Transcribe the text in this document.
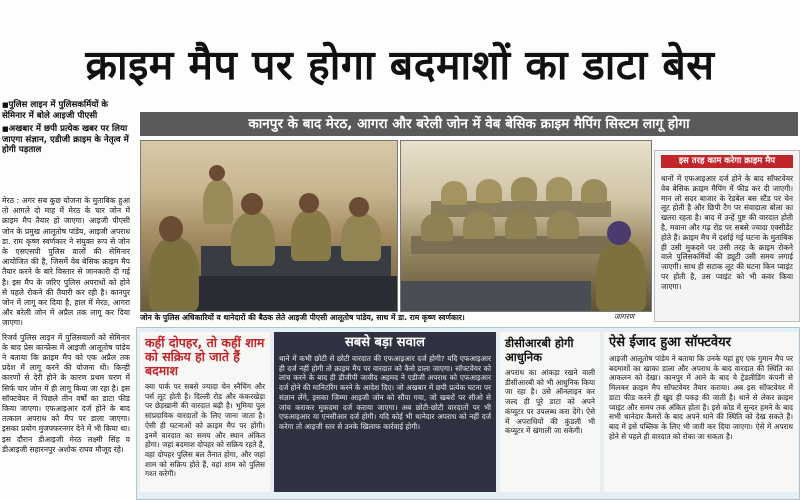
क्राइम मैप पर होगा बदमाशों का डाटा बेस
■ पुलिस लाइन में पुलिसकर्मियों के सेमिनार में बोले आइजी पीएसी
■ अखबार में छपी प्रत्येक खबर पर लिया जाएगा संज्ञान, एडीजी क्राइम के नेतृत्व में होगी पड़ताल

मेरठ : अगर सब कुछ योजना के मुताबिक हुआ तो आगले दो माह में मेरठ के चार जोन में क्राइम मैप तैयार हो जाएगा। आइजी पीएसी जोन के प्रमुख आलूतोष पांडेय, आइजी अपराध डा. राम कृष्ण स्वर्णकार ने संयुक्त रूप से जोन के एसएसपी पुलिस वालों की सेमिनार आयोजित की है, जिसमें वेब बेसिक क्राइम मैप तैयार करने के बारे विस्तार से जानकारी दी गई है। इस मैप के जरिए पुलिस अपराधों को होने से पहले रोकने की तैयारी कर रही है। कानपुर जोन में लागू कर दिया है, हाल में मेरठ, आगरा और बरेली जोन में अप्रैल तक लागू कर दिया जाएगा।

रिजर्व पुलिस लाइन में पुलिसवालों को सेमिनार के बाद प्रेस कान्फ्रेंस में आइजी आलूतोष पांडेय ने बताया कि क्राइम मैप को एक अप्रैल तक प्रदेश में लागू करने की योजना थी। किन्ही कारणों से देरी होने के कारण प्रथम चरण में सिर्फ चार जोन में ही लागू किया जा रहा है। इस सॉफ्टवेयर में पिछले तीन वर्षों का डाटा फीड किया जाएगा। एफआइआर दर्ज होने के बाद तत्काल अपराध को मैप पर डाला जाएगा। इसका प्रयोग मुजफ्फरनगर देने में भी किया था। इस दौरान डीआइजी मेरठ लक्ष्मी सिंह व डीआइजी सहारनपुर अशोक राघव मौजूद रहे।

कानपुर के बाद मेरठ, आगरा और बरेली जोन में वेब बेसिक क्राइम मैपिंग सिस्टम लागू होगा
जोन के पुलिस अधिकारियों व थानेदारों की बैठक लेते आइजी पीएसी आलूतोष पांडेय, साथ में डा. राम कृष्ण स्वर्णकार।	जागरण
इस तरह काम करेगा क्राइम मैप
थानों में एफआइआर दर्ज होने के बाद सॉफ्टवेयर वेब बेसिक क्राइम मैपिंग में फीड कर दी जाएगी। मान लो सदर बाजार के रेडबेल बस स्टैंड पर चेन लूट होती है और छिपी टैग पर संवादाता बोला का खतरा रहता है। बाद में उन्हें पुष्ट की वारदात होती है, मवाना और गढ़ रोड पर सबसे ज्यादा एक्सीडेंट होते हैं। क्राइम मैप में दर्शाई गई घटना के मुताबिक ही उसी मुकदमे पर उसी तरह के क्राइम रोकने वाले पुलिसकर्मियों की ड्यूटी उसी समय लगाई जाएगी। साथ ही सटाक लूट की घटना किन प्वाइंट पर होती है, उस प्वाइंट को भी कवर किया जाएगा।
कहीं दोपहर, तो कहीं शाम को सक्रिय हो जाते हैं बदमाश
क्या पार्क पर सबसे ज्यादा चेन स्नैचिंग और पर्स लूट होती है। दिल्ली रोड और कंकरखेड़ा पर छेड़खानी की वारदात बढ़ी है। भूमिया पुल सांप्रदायिक वारदातों के लिए जाना जाता है। ऐसी ही घटनाओं को क्राइम मैप पर होंगी। इनमें वारदात का समय और स्थान अंकित होगा। जहां बदमाश दोपहर को सक्रिय रहते हैं, वहां दोपहर पुलिस बल तैनात होगा, और जहां शाम को सक्रिय होते हैं, वहां शाम को पुलिस गश्त करेगी।
सबसे बड़ा सवाल
थाने में कभी छोटी से छोटी वारदात की एफआइआर दर्ज होगी? यदि एफआइआर ही दर्ज नहीं होगी तो क्राइम मैप पर वारदात को कैसे डाला जाएगा। सॉफ्टवेयर को लांच करने के बाद ही डीजीपी जावीद अहमद ने एडीजी अपराध को एफआइआर दर्ज होने की मानिटरिंग करने के आदेश दिए। जो अखबार में छपी प्रत्येक घटना पर संज्ञान लेंगे, इसका जिम्मा आइजी जोन को सौंपा गया, जो खबरों पर सीओ से जांच कराकर मुकदमा दर्ज कराया जाएगा। अब छोटी-छोटी वारदातों पर भी एफआइआर या एनसीआर दर्ज होगी। यदि कोई भी थानेदार अपराध को नहीं दर्ज करेगा तो आइजी स्तर से उनके खिलाफ कार्रवाई होगी।
डीसीआरबी होगी आधुनिक
अपराध का आंकड़ा रखने वाली डीसीआरबी को भी आधुनिक किया जा रहा है। उसे ऑनलाइन कर जल्द ही पूरे डाटा को अपने कंप्यूटर पर उपलब्ध करा देंगे। ऐसे में अपराधियों की कुंडली भी कंप्यूटर में खंगाली जा सकेगी।
ऐसे ईजाद हुआ सॉफ्टवेयर
आइजी आलूतोष पांडेय ने बताया कि उनके यहां हुए एक गुमान मैप पर बदमाशों का खाका डाला और अपराध के बाद वारदात की स्थिति का आकलन को देखा। कानपुर में आने के बाद ये ट्रेडलीडिंग कंपनी से मिलकर क्राइम मैप सॉफ्टवेयर तैयार कराया। अब इस सॉफ्टवेयर में डाटा फीड करने ही खुद ही पकड़ की जाती है। थाने से लेकर क्राइम प्वाइंट और समय तक अंकित होता है। इसे कोड में सुन्दर हमने के बाद सभी थानेदार कैमरों के बाद अपने थाने की स्थिति को देख सकते हैं। बाद में इसे पब्लिक के लिए भी जारी कर दिया जाएगा। ऐसे में अपराध होने से पहले ही वारदात को रोका जा सकता है।
